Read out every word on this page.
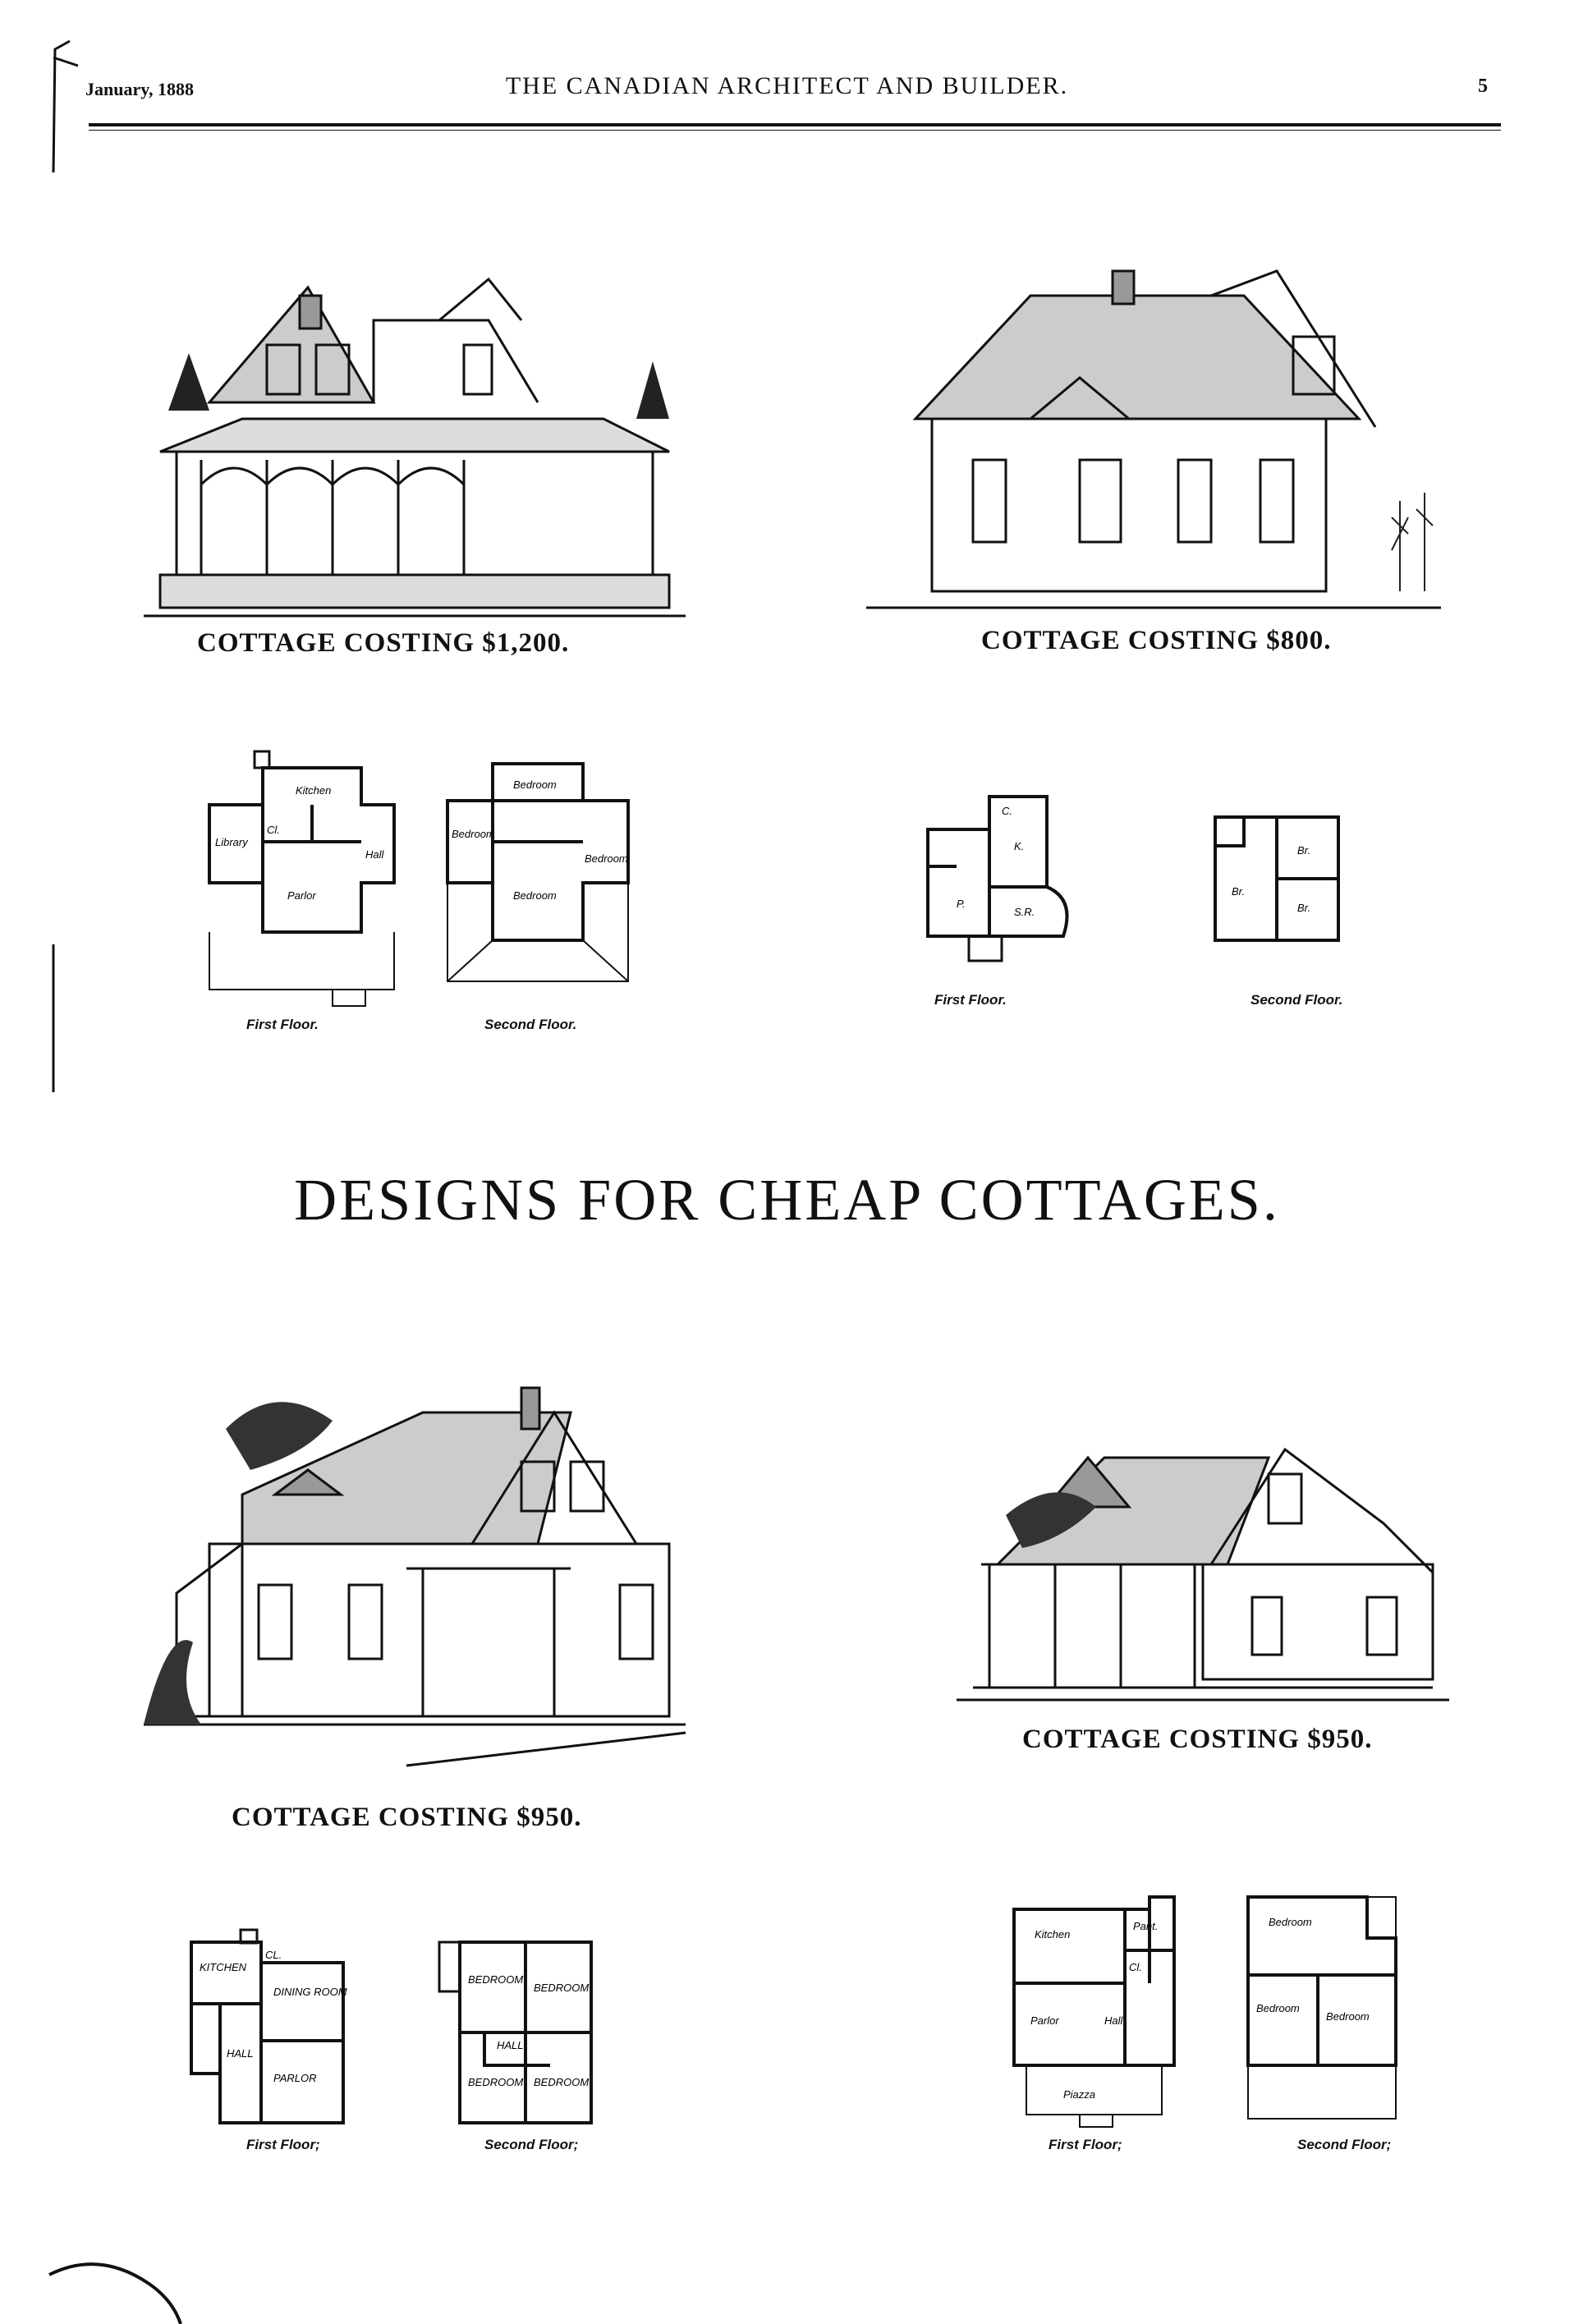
January, 1888	THE CANADIAN ARCHITECT AND BUILDER.	5
COTTAGE COSTING $1,200.
Kitchen
Library
Parlor
Hall
Cl.
First Floor.
Bedroom
Bedroom
Bedroom
Bedroom
Second Floor.
COTTAGE COSTING $800.
P.
K.
S.R.
C.
First Floor.
Br.
Br.
Br.
Second Floor.
DESIGNS FOR CHEAP COTTAGES.
COTTAGE COSTING $950.
KITCHEN
DINING ROOM
PARLOR
HALL
CL.
First Floor;
BEDROOM
BEDROOM
BEDROOM BEDROOM
HALL
Second Floor;
COTTAGE COSTING $950.
Kitchen
Pant.
Parlor	Hall
Piazza
Cl.
First Floor;
Bedroom
Bedroom
Bedroom
Second Floor;
